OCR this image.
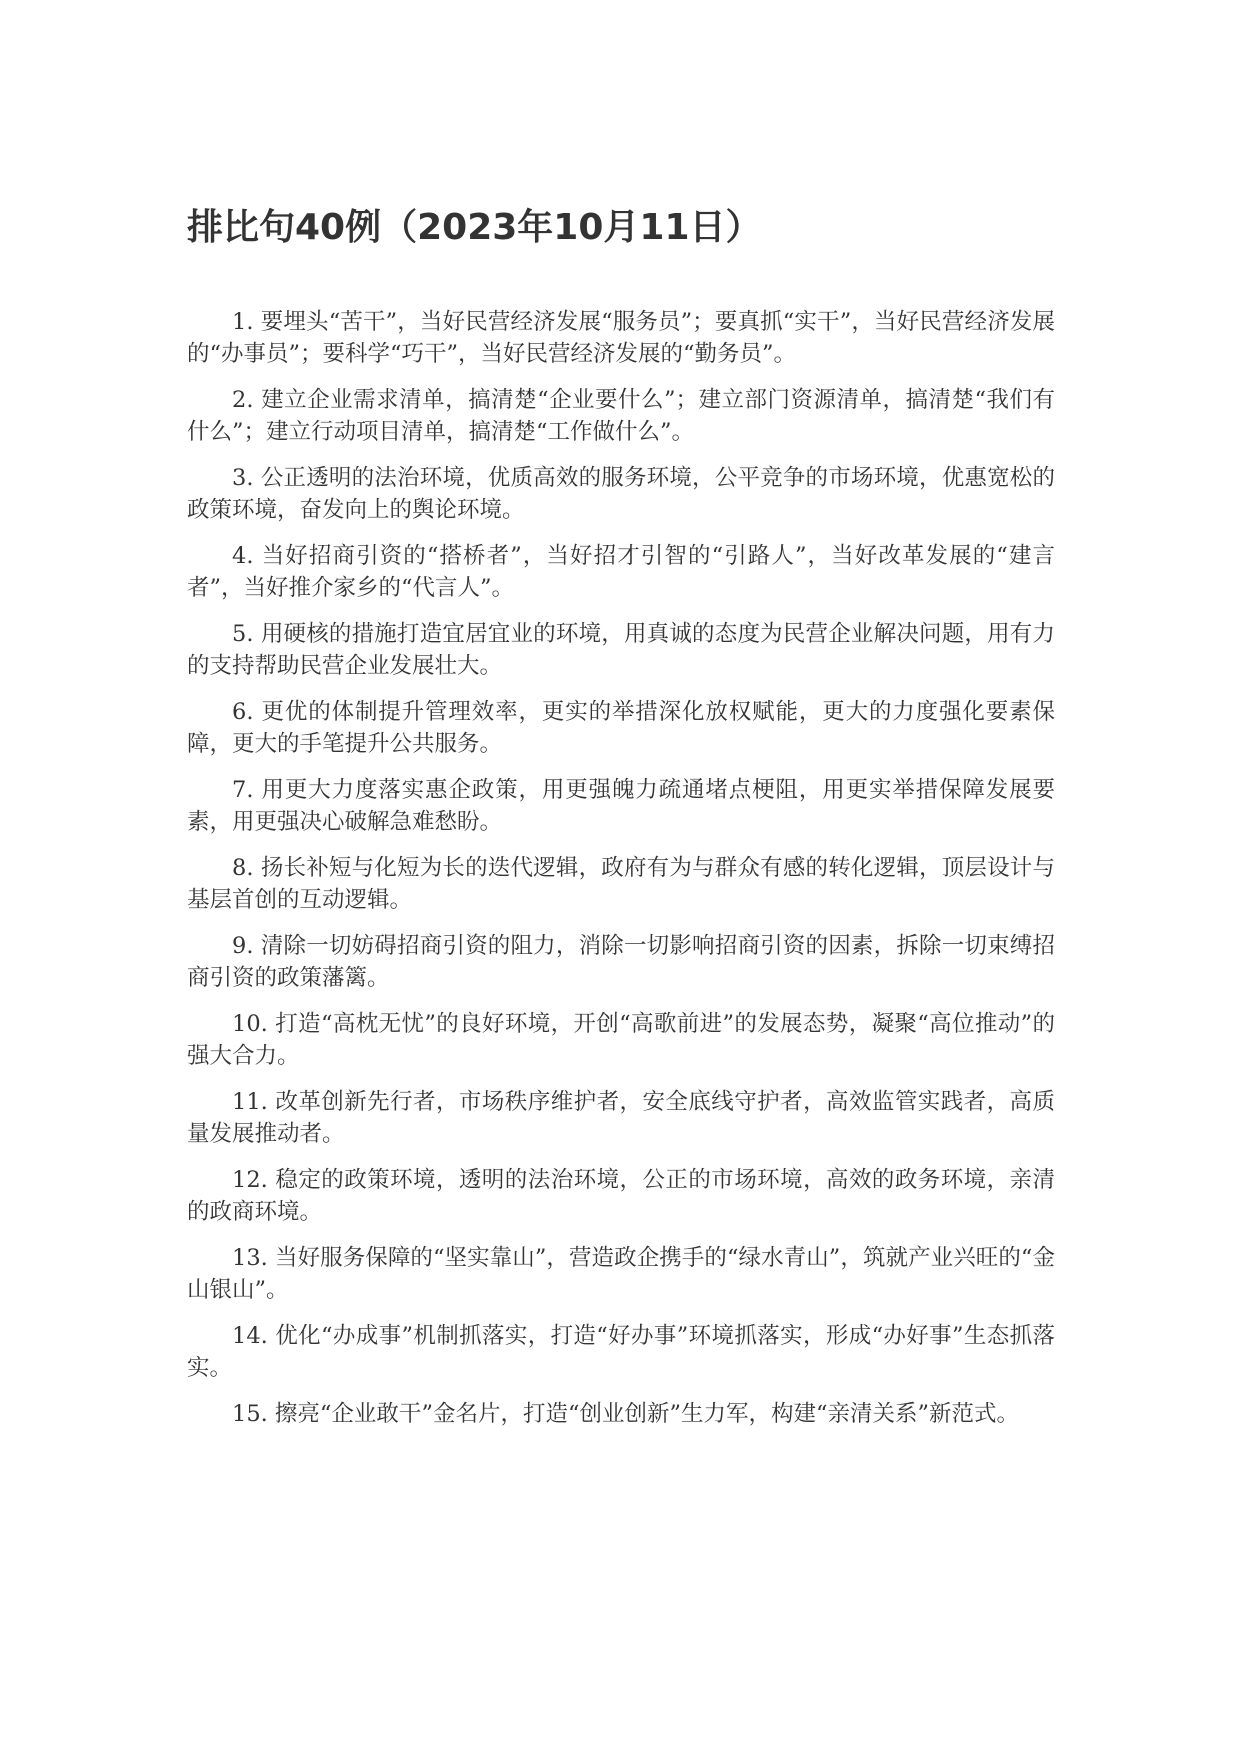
排比句40例（2023年10月11日）

1. 要埋头“苦干”，当好民营经济发展“服务员”；要真抓“实干”，当好民营经济发展的“办事员”；要科学“巧干”，当好民营经济发展的“勤务员”。

2. 建立企业需求清单，搞清楚“企业要什么”；建立部门资源清单，搞清楚“我们有什么”；建立行动项目清单，搞清楚“工作做什么”。

3. 公正透明的法治环境，优质高效的服务环境，公平竞争的市场环境，优惠宽松的政策环境，奋发向上的舆论环境。

4. 当好招商引资的“搭桥者”，当好招才引智的“引路人”，当好改革发展的“建言者”，当好推介家乡的“代言人”。

5. 用硬核的措施打造宜居宜业的环境，用真诚的态度为民营企业解决问题，用有力的支持帮助民营企业发展壮大。

6. 更优的体制提升管理效率，更实的举措深化放权赋能，更大的力度强化要素保障，更大的手笔提升公共服务。

7. 用更大力度落实惠企政策，用更强魄力疏通堵点梗阻，用更实举措保障发展要素，用更强决心破解急难愁盼。

8. 扬长补短与化短为长的迭代逻辑，政府有为与群众有感的转化逻辑，顶层设计与基层首创的互动逻辑。

9. 清除一切妨碍招商引资的阻力，消除一切影响招商引资的因素，拆除一切束缚招商引资的政策藩篱。

10. 打造“高枕无忧”的良好环境，开创“高歌前进”的发展态势，凝聚“高位推动”的强大合力。

11. 改革创新先行者，市场秩序维护者，安全底线守护者，高效监管实践者，高质量发展推动者。

12. 稳定的政策环境，透明的法治环境，公正的市场环境，高效的政务环境，亲清的政商环境。

13. 当好服务保障的“坚实靠山”，营造政企携手的“绿水青山”，筑就产业兴旺的“金山银山”。

14. 优化“办成事”机制抓落实，打造“好办事”环境抓落实，形成“办好事”生态抓落实。

15. 擦亮“企业敢干”金名片，打造“创业创新”生力军，构建“亲清关系”新范式。
